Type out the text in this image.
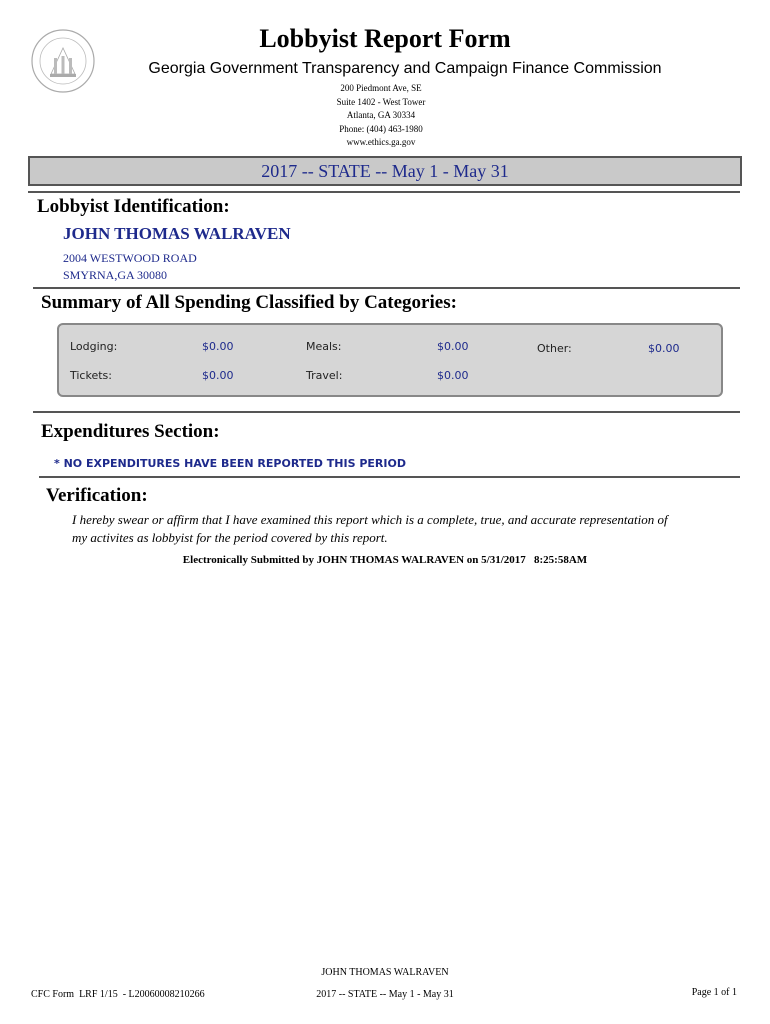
Lobbyist Report Form
Georgia Government Transparency and Campaign Finance Commission
200 Piedmont Ave, SE
Suite 1402 - West Tower
Atlanta, GA 30334
Phone: (404) 463-1980
www.ethics.ga.gov
2017 -- STATE -- May 1 - May 31
Lobbyist Identification:
JOHN THOMAS WALRAVEN
2004 WESTWOOD ROAD
SMYRNA,GA 30080
Summary of All Spending Classified by Categories:
Lodging:	$0.00	Meals:	$0.00	Other:	$0.00
Tickets:	$0.00	Travel:	$0.00
Expenditures Section:
* NO EXPENDITURES HAVE BEEN REPORTED THIS PERIOD
Verification:
I hereby swear or affirm that I have examined this report which is a complete, true, and accurate representation of my activites as lobbyist for the period covered by this report.
Electronically Submitted by JOHN THOMAS WALRAVEN on 5/31/2017   8:25:58AM
JOHN THOMAS WALRAVEN
CFC Form  LRF 1/15  - L20060008210266	2017 -- STATE -- May 1 - May 31	Page 1 of 1
